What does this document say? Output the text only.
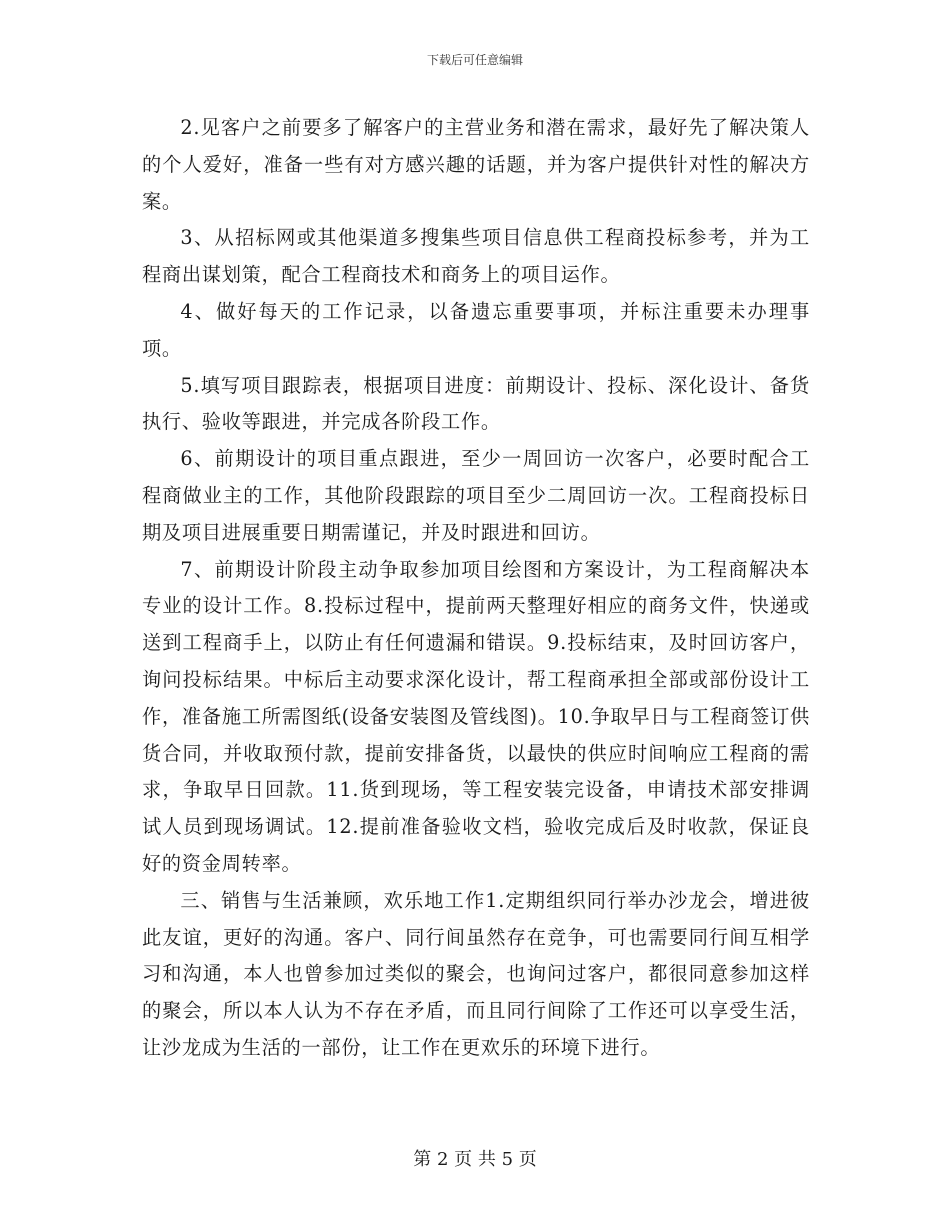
下载后可任意编辑

2.见客户之前要多了解客户的主营业务和潜在需求，最好先了解决策人的个人爱好，准备一些有对方感兴趣的话题，并为客户提供针对性的解决方案。

3、从招标网或其他渠道多搜集些项目信息供工程商投标参考，并为工程商出谋划策，配合工程商技术和商务上的项目运作。

4、做好每天的工作记录，以备遗忘重要事项，并标注重要未办理事项。

5.填写项目跟踪表，根据项目进度：前期设计、投标、深化设计、备货执行、验收等跟进，并完成各阶段工作。

6、前期设计的项目重点跟进，至少一周回访一次客户，必要时配合工程商做业主的工作，其他阶段跟踪的项目至少二周回访一次。工程商投标日期及项目进展重要日期需谨记，并及时跟进和回访。

7、前期设计阶段主动争取参加项目绘图和方案设计，为工程商解决本专业的设计工作。8.投标过程中，提前两天整理好相应的商务文件，快递或送到工程商手上，以防止有任何遗漏和错误。9.投标结束，及时回访客户，询问投标结果。中标后主动要求深化设计，帮工程商承担全部或部份设计工作，准备施工所需图纸(设备安装图及管线图)。10.争取早日与工程商签订供货合同，并收取预付款，提前安排备货，以最快的供应时间响应工程商的需求，争取早日回款。11.货到现场，等工程安装完设备，申请技术部安排调试人员到现场调试。12.提前准备验收文档，验收完成后及时收款，保证良好的资金周转率。

三、销售与生活兼顾，欢乐地工作1.定期组织同行举办沙龙会，增进彼此友谊，更好的沟通。客户、同行间虽然存在竞争，可也需要同行间互相学习和沟通，本人也曾参加过类似的聚会，也询问过客户，都很同意参加这样的聚会，所以本人认为不存在矛盾，而且同行间除了工作还可以享受生活，让沙龙成为生活的一部份，让工作在更欢乐的环境下进行。

第 2 页 共 5 页
